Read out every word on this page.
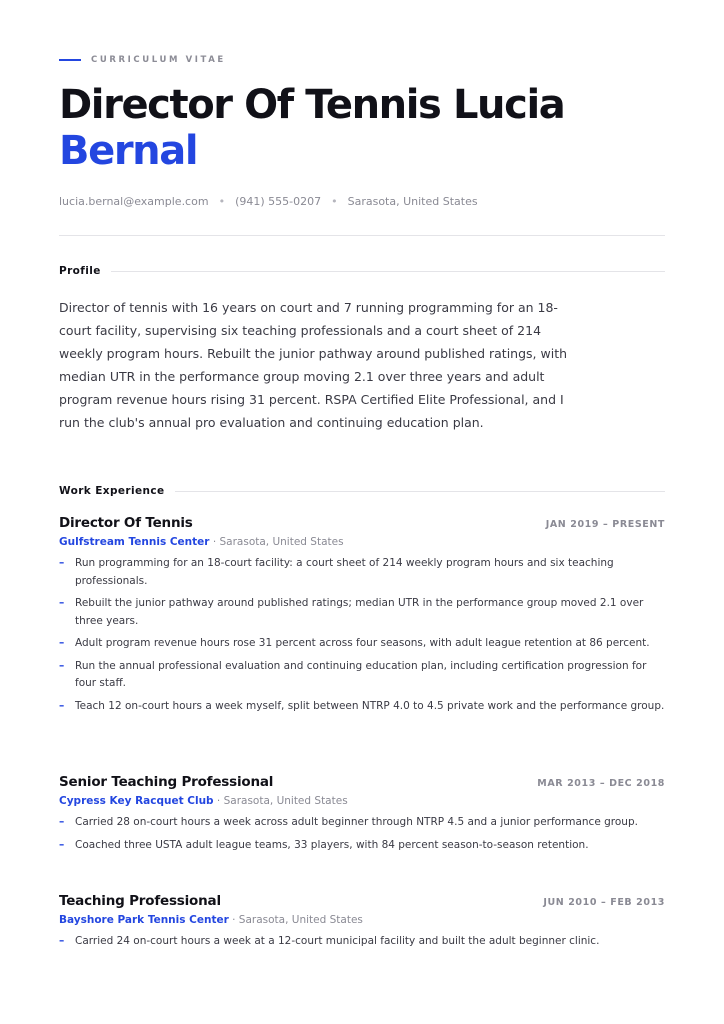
CURRICULUM VITAE
Director Of Tennis Lucia
Bernal
lucia.bernal@example.com • (941) 555-0207 • Sarasota, United States
Profile

Director of tennis with 16 years on court and 7 running programming for an 18-court facility, supervising six teaching professionals and a court sheet of 214 weekly program hours. Rebuilt the junior pathway around published ratings, with median UTR in the performance group moving 2.1 over three years and adult program revenue hours rising 31 percent. RSPA Certified Elite Professional, and I run the club's annual pro evaluation and continuing education plan.

Work Experience
Director Of Tennis	JAN 2019 – PRESENT
Gulfstream Tennis Center · Sarasota, United States
– Run programming for an 18-court facility: a court sheet of 214 weekly program hours and six teaching professionals.
– Rebuilt the junior pathway around published ratings; median UTR in the performance group moved 2.1 over three years.
– Adult program revenue hours rose 31 percent across four seasons, with adult league retention at 86 percent.
– Run the annual professional evaluation and continuing education plan, including certification progression for four staff.
– Teach 12 on-court hours a week myself, split between NTRP 4.0 to 4.5 private work and the performance group.
Senior Teaching Professional	MAR 2013 – DEC 2018
Cypress Key Racquet Club · Sarasota, United States
– Carried 28 on-court hours a week across adult beginner through NTRP 4.5 and a junior performance group.
– Coached three USTA adult league teams, 33 players, with 84 percent season-to-season retention.
Teaching Professional	JUN 2010 – FEB 2013
Bayshore Park Tennis Center · Sarasota, United States
– Carried 24 on-court hours a week at a 12-court municipal facility and built the adult beginner clinic.
